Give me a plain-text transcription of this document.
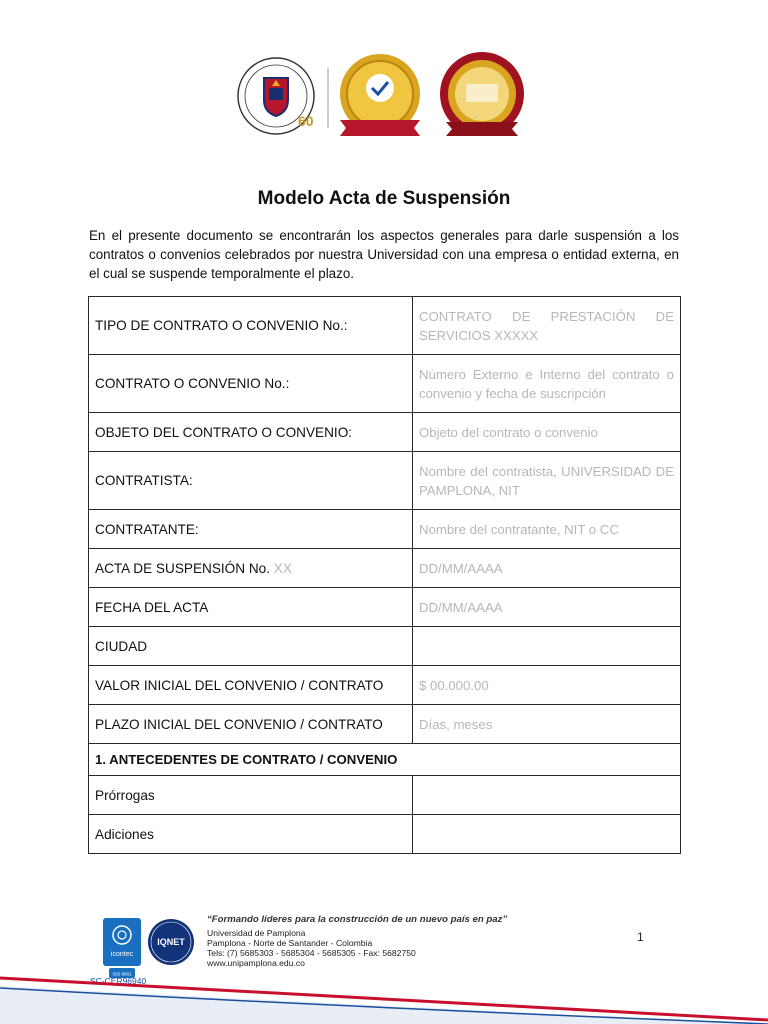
60
Modelo Acta de Suspensión
En el presente documento se encontrarán los aspectos generales para darle suspensión a los contratos o convenios celebrados por nuestra Universidad con una empresa o entidad externa, en el cual se suspende temporalmente el plazo.
TIPO DE CONTRATO O CONVENIO No.:	CONTRATO DE PRESTACIÓN DE SERVICIOS XXXXX
CONTRATO O CONVENIO No.:	Número Externo e Interno del contrato o convenio y fecha de suscripción
OBJETO DEL CONTRATO O CONVENIO:	Objeto del contrato o convenio
CONTRATISTA:	Nombre del contratista, UNIVERSIDAD DE PAMPLONA, NIT
CONTRATANTE:	Nombre del contratante, NIT o CC
ACTA DE SUSPENSIÓN No. XX	DD/MM/AAAA
FECHA DEL ACTA	DD/MM/AAAA
CIUDAD	
VALOR INICIAL DEL CONVENIO / CONTRATO	$ 00.000.00
PLAZO INICIAL DEL CONVENIO / CONTRATO	Días, meses
1. ANTECEDENTES DE CONTRATO / CONVENIO	
Prórrogas	
Adiciones	
icontec
ISO 9001
IQNET
SC-CER96940
“Formando líderes para la construcción de un nuevo país en paz”
Universidad de Pamplona
Pamplona - Norte de Santander - Colombia
Tels: (7) 5685303 - 5685304 - 5685305 - Fax: 5682750
www.unipamplona.edu.co
1
